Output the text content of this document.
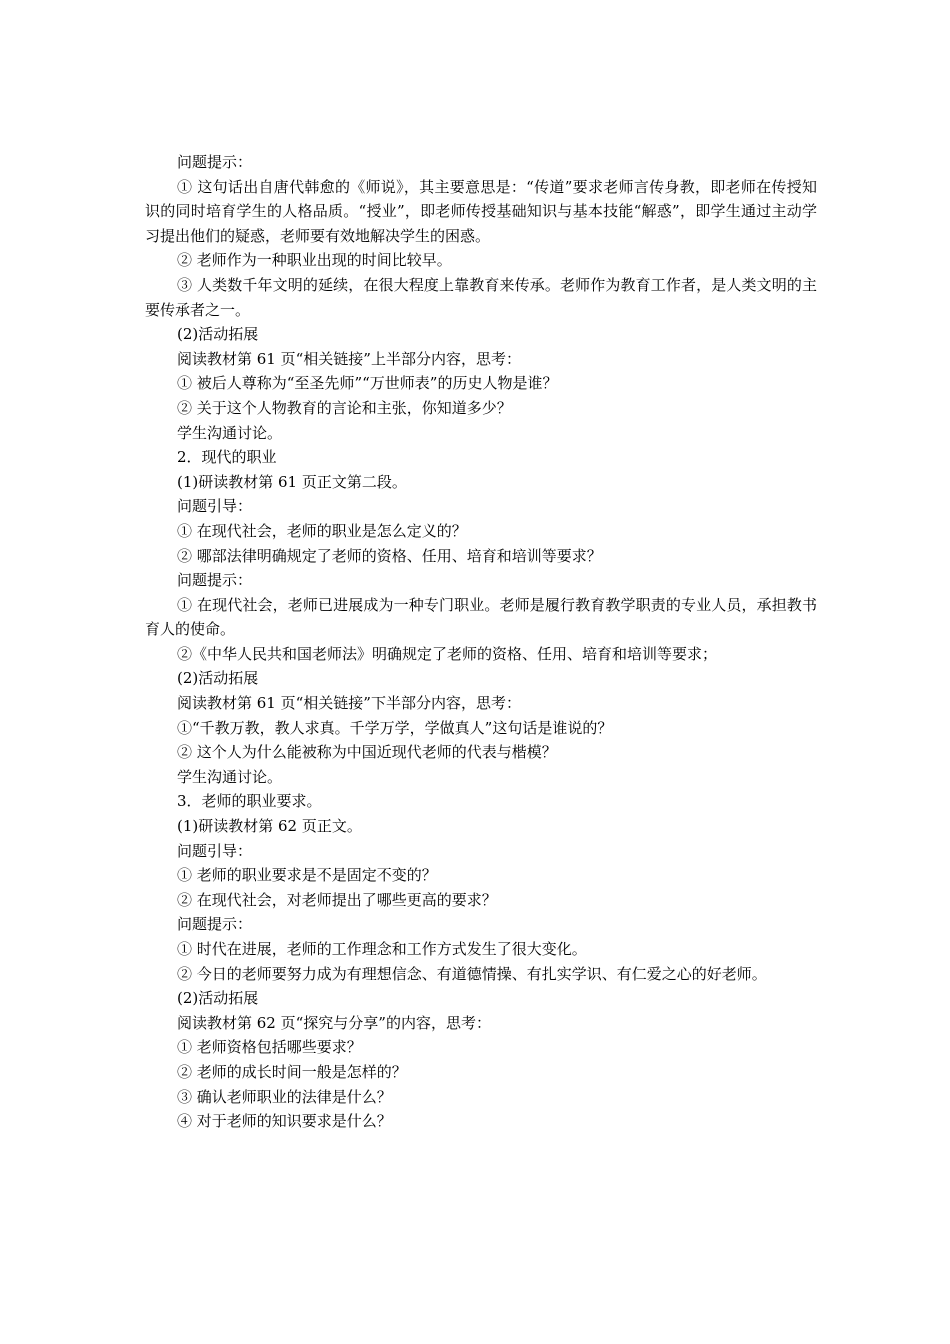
问题提示：

① 这句话出自唐代韩愈的《师说》，其主要意思是：“传道”要求老师言传身教，即老师在传授知识的同时培育学生的人格品质。“授业”，即老师传授基础知识与基本技能“解惑”，即学生通过主动学习提出他们的疑惑，老师要有效地解决学生的困惑。

② 老师作为一种职业出现的时间比较早。

③ 人类数千年文明的延续，在很大程度上靠教育来传承。老师作为教育工作者，是人类文明的主要传承者之一。

(2)活动拓展

阅读教材第 61 页“相关链接”上半部分内容，思考：

① 被后人尊称为“至圣先师”“万世师表”的历史人物是谁？

② 关于这个人物教育的言论和主张，你知道多少？

学生沟通讨论。

2．现代的职业

(1)研读教材第 61 页正文第二段。

问题引导：

① 在现代社会，老师的职业是怎么定义的？

② 哪部法律明确规定了老师的资格、任用、培育和培训等要求？

问题提示：

① 在现代社会，老师已进展成为一种专门职业。老师是履行教育教学职责的专业人员，承担教书育人的使命。

②《中华人民共和国老师法》明确规定了老师的资格、任用、培育和培训等要求；

(2)活动拓展

阅读教材第 61 页“相关链接”下半部分内容，思考：

①“千教万教，教人求真。千学万学，学做真人”这句话是谁说的？

② 这个人为什么能被称为中国近现代老师的代表与楷模？

学生沟通讨论。

3．老师的职业要求。

(1)研读教材第 62 页正文。

问题引导：

① 老师的职业要求是不是固定不变的？

② 在现代社会，对老师提出了哪些更高的要求？

问题提示：

① 时代在进展，老师的工作理念和工作方式发生了很大变化。

② 今日的老师要努力成为有理想信念、有道德情操、有扎实学识、有仁爱之心的好老师。

(2)活动拓展

阅读教材第 62 页“探究与分享”的内容，思考：

① 老师资格包括哪些要求？

② 老师的成长时间一般是怎样的？

③ 确认老师职业的法律是什么？

④ 对于老师的知识要求是什么？
